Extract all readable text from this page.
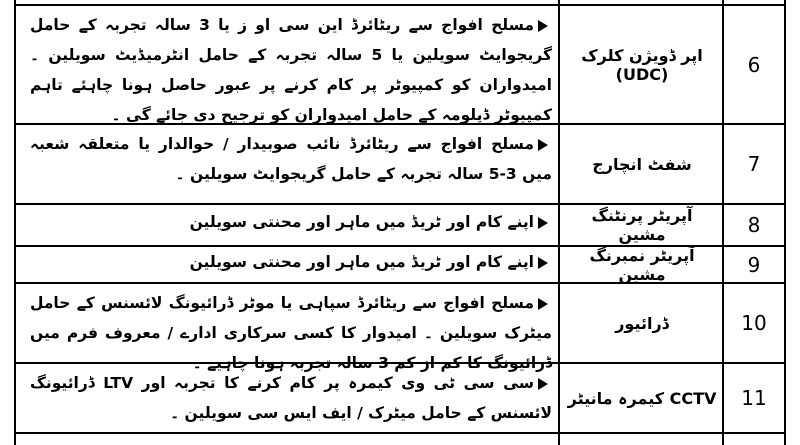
6
اپر ڈویژن کلرک (UDC)
مسلح افواج سے ریٹائرڈ این سی او ز یا 3 سالہ تجربہ کے حامل گریجوایٹ سویلین یا 5 سالہ تجربہ کے حامل انٹرمیڈیٹ سویلین ۔ امیدواران کو کمپیوٹر پر کام کرنے پر عبور حاصل ہونا چاہئے تاہم کمپیوٹر ڈپلومہ کے حامل امیدواران کو ترجیح دی جائے گی ۔
7
شفٹ انچارج
مسلح افواج سے ریٹائرڈ نائب صوبیدار / حوالدار یا متعلقہ شعبہ میں 3-5 سالہ تجربہ کے حامل گریجوایٹ سویلین ۔
8
آپریٹر پرنٹنگ مشین
اپنے کام اور ٹریڈ میں ماہر اور محنتی سویلین
9
آپریٹر نمبرنگ مشین
اپنے کام اور ٹریڈ میں ماہر اور محنتی سویلین
10
ڈرائیور
مسلح افواج سے ریٹائرڈ سپاہی یا موٹر ڈرائیونگ لائسنس کے حامل میٹرک سویلین ۔ امیدوار کا کسی سرکاری ادارے / معروف فرم میں ڈرائیونگ کا کم از کم 3 سالہ تجربہ ہونا چاہیے ۔
11
CCTV کیمرہ مانیٹر
سی سی ٹی وی کیمرہ پر کام کرنے کا تجربہ اور LTV ڈرائیونگ لائسنس کے حامل میٹرک / ایف ایس سی سویلین ۔
